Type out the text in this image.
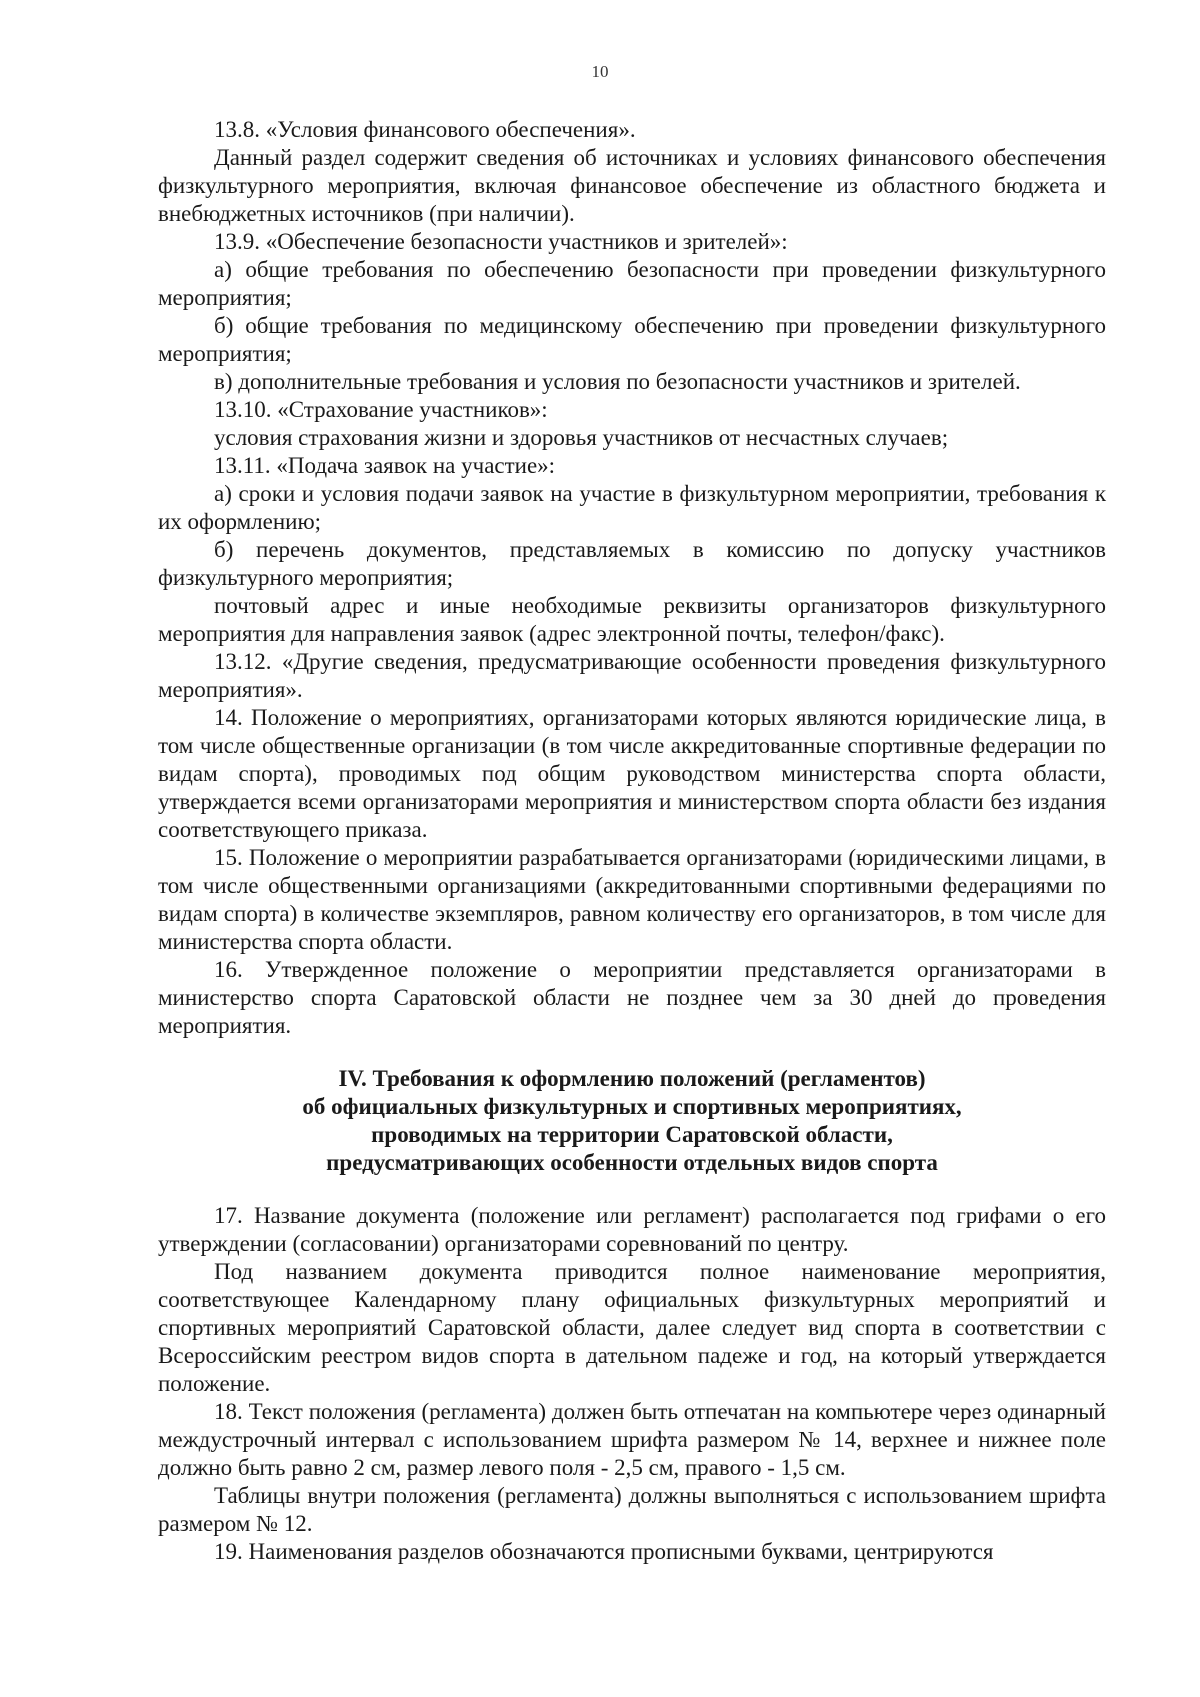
10

13.8. «Условия финансового обеспечения».

Данный раздел содержит сведения об источниках и условиях финансового обеспечения физкультурного мероприятия, включая финансовое обеспечение из областного бюджета и внебюджетных источников (при наличии).

13.9. «Обеспечение безопасности участников и зрителей»:

а) общие требования по обеспечению безопасности при проведении физкультурного мероприятия;

б) общие требования по медицинскому обеспечению при проведении физкультурного мероприятия;

в) дополнительные требования и условия по безопасности участников и зрителей.

13.10. «Страхование участников»:

условия страхования жизни и здоровья участников от несчастных случаев;

13.11. «Подача заявок на участие»:

а) сроки и условия подачи заявок на участие в физкультурном мероприятии, требования к их оформлению;

б) перечень документов, представляемых в комиссию по допуску участников физкультурного мероприятия;

почтовый адрес и иные необходимые реквизиты организаторов физкультурного мероприятия для направления заявок (адрес электронной почты, телефон/факс).

13.12. «Другие сведения, предусматривающие особенности проведения физкультурного мероприятия».

14. Положение о мероприятиях, организаторами которых являются юридические лица, в том числе общественные организации (в том числе аккредитованные спортивные федерации по видам спорта), проводимых под общим руководством министерства спорта области, утверждается всеми организаторами мероприятия и министерством спорта области без издания соответствующего приказа.

15. Положение о мероприятии разрабатывается организаторами (юридическими лицами, в том числе общественными организациями (аккредитованными спортивными федерациями по видам спорта) в количестве экземпляров, равном количеству его организаторов, в том числе для министерства спорта области.

16. Утвержденное положение о мероприятии представляется организаторами в министерство спорта Саратовской области не позднее чем за 30 дней до проведения мероприятия.

IV. Требования к оформлению положений (регламентов)
об официальных физкультурных и спортивных мероприятиях,
проводимых на территории Саратовской области,
предусматривающих особенности отдельных видов спорта

17. Название документа (положение или регламент) располагается под грифами о его утверждении (согласовании) организаторами соревнований по центру.

Под названием документа приводится полное наименование мероприятия, соответствующее Календарному плану официальных физкультурных мероприятий и спортивных мероприятий Саратовской области, далее следует вид спорта в соответствии с Всероссийским реестром видов спорта в дательном падеже и год, на который утверждается положение.

18. Текст положения (регламента) должен быть отпечатан на компьютере через одинарный междустрочный интервал с использованием шрифта размером № 14, верхнее и нижнее поле должно быть равно 2 см, размер левого поля - 2,5 см, правого - 1,5 см.

Таблицы внутри положения (регламента) должны выполняться с использованием шрифта размером № 12.

19. Наименования разделов обозначаются прописными буквами, центрируются
